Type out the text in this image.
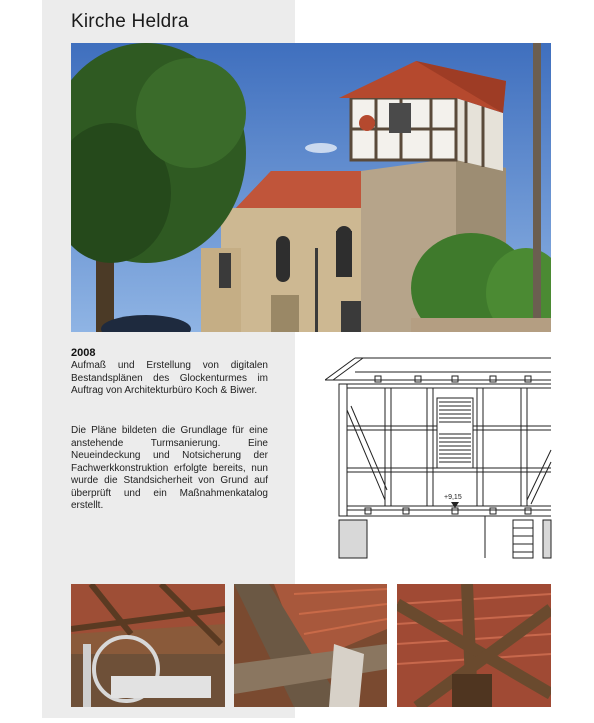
Kirche Heldra
2008

Aufmaß und Erstellung von digitalen Bestandsplänen des Glockenturmes im Auftrag von Architekturbüro Koch & Biwer.

Die Pläne bildeten die Grundlage für eine anstehende Turmsanierung. Eine Neueindeckung und Notsicherung der Fachwerkkonstruktion erfolgte bereits, nun wurde die Standsicherheit von Grund auf überprüft und ein Maßnahmenkatalog erstellt.

+9,15
